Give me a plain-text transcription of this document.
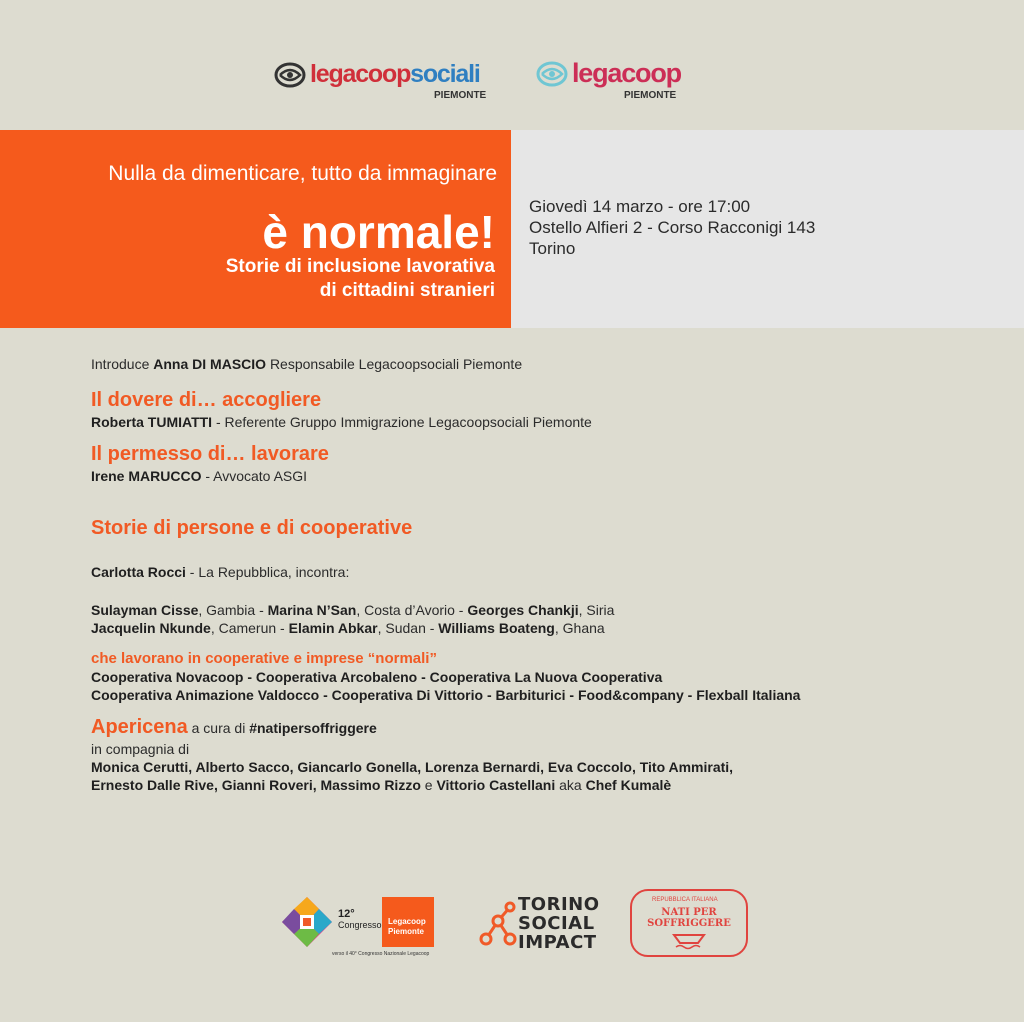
legacoopsociali
PIEMONTE
legacoop
PIEMONTE
Nulla da dimenticare, tutto da immaginare
è normale!
Storie di inclusione lavorativa
di cittadini stranieri
Giovedì 14 marzo - ore 17:00
Ostello Alfieri 2 - Corso Racconigi 143
Torino
Introduce Anna DI MASCIO Responsabile Legacoopsociali Piemonte
Il dovere di… accogliere
Roberta TUMIATTI - Referente Gruppo Immigrazione Legacoopsociali Piemonte
Il permesso di… lavorare
Irene MARUCCO - Avvocato ASGI
Storie di persone e di cooperative
Carlotta Rocci - La Repubblica, incontra:
Sulayman Cisse, Gambia - Marina N’San, Costa d’Avorio - Georges Chankji, Siria
Jacquelin Nkunde, Camerun - Elamin Abkar, Sudan - Williams Boateng, Ghana
che lavorano in cooperative e imprese “normali”
Cooperativa Novacoop - Cooperativa Arcobaleno - Cooperativa La Nuova Cooperativa
Cooperativa Animazione Valdocco - Cooperativa Di Vittorio - Barbiturici - Food&company - Flexball Italiana
Apericena a cura di #natipersoffriggere
in compagnia di
Monica Cerutti, Alberto Sacco, Giancarlo Gonella, Lorenza Bernardi, Eva Coccolo, Tito Ammirati,
Ernesto Dalle Rive, Gianni Roveri, Massimo Rizzo e Vittorio Castellani aka Chef Kumalè
12°
Congresso Legacoop
Piemonte
verso il 40° Congresso Nazionale Legacoop
TORINO
SOCIAL
IMPACT
REPUBBLICA ITALIANA
NATI PER
SOFFRIGGERE
